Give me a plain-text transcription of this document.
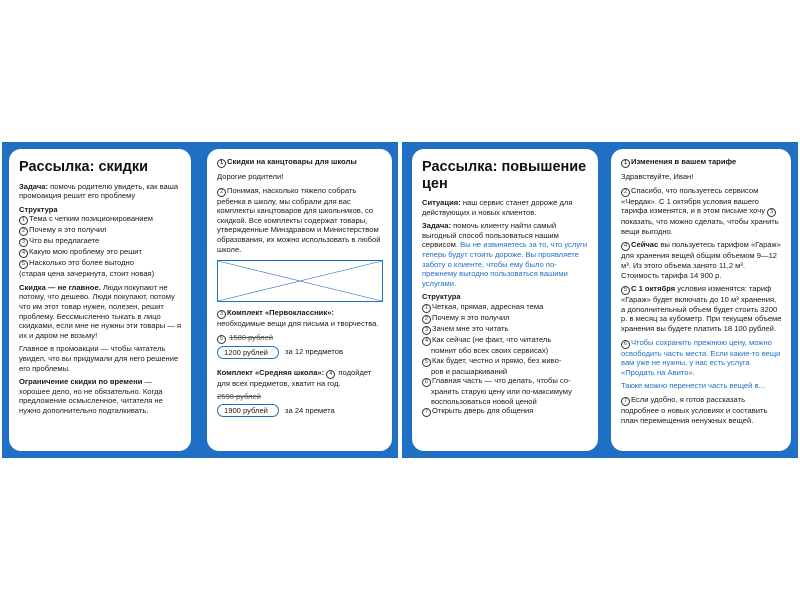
Рассылка: скидки

Задача: помочь родителю увидеть, как ваша промоакция решит его проблему

Структура
1 Тема с четким позиционированием
2 Почему я это получил
3 Что вы предлагаете
4 Какую мою проблему это решит
5 Насколько это более выгодно

(старая цена зачеркнута, стоит новая)

Скидка — не главное. Люди покупают не потому, что дешево. Люди покупают, потому что им этот товар нужен, полезен, решит проблему. Бессмысленно тыкать в лицо скидками, если мне не нужны эти товары — я их и даром не возьму!

Главное в промоакции — чтобы читатель увидел, что вы придумали для него решение его проблемы.

Ограничение скидки по времени — хорошее дело, но не обязательно. Когда предложение осмысленное, читателя не нужно дополнительно подталкивать.

1 Скидки на канцтовары для школы

Дорогие родители!

2 Понимая, насколько тяжело собрать ребенка в школу, мы собрали для вас комплекты канцтоваров для школьников, со скидкой. Все комплекты содержат товары, утвержденные Минздравом и Министерством образования, их можно использовать в любой школе.

3 Комплект «Первоклассник»: необходимые вещи для письма и творчества.

5 1580 рублей
1200 рублей	за 12 предметов

Комплект «Средняя школа»: 4 подойдет для всех предметов, хватит на год.

2590 рублей
1900 рублей	за 24 премета
Рассылка: повышение цен

Ситуация: наш сервис станет дороже для действующих и новых клиентов.

Задача: помочь клиенту найти самый выгодный способ пользоваться нашим сервисом. Вы не извиняетесь за то, что услуги теперь будут стоить дороже. Вы проявляете заботу о клиенте, чтобы ему было по-прежнему выгодно пользоваться вашими услугами.

Структура
1 Четкая, прямая, адресная тема
2 Почему я это получил
3 Зачем мне это читать
4 Как сейчас (не факт, что читатель
помнит обо всех своих сервисах)
5 Как будет, честно и прямо, без живо-
ров и расшаркиваний
6 Главная часть — что делать, чтобы со-
хранить старую цену или по-максимуму воспользоваться новой ценой
7 Открыть дверь для общения

1 Изменения в вашем тарифе

Здравствуйте, Иван!

2 Спасибо, что пользуетесь сервисом «Чердак». С 1 октября условия вашего тарифа изменятся, и в этом письме хочу 3показать, что можно сделать, чтобы хранить вещи выгодно.

4 Сейчас вы пользуетесь тарифом «Гараж» для хранения вещей общим объемом 9—12 м³. Из этого объема занято 11,2 м³. Стоимость тарифа 14 900 р.

5 С 1 октября условия изменятся: тариф «Гараж» будет включать до 10 м³ хранения, а дополнительный объем будет стоить 3200 р. в месяц за кубометр. При текущем объеме хранения вы будете платить 18 100 рублей.

6 Чтобы сохранить прежнюю цену, можно освободить часть места. Если какие-то вещи вам уже не нужны, у нас есть услуга «Продать на Авито».

Также можно перенести часть вещей в...

7 Если удобно, я готов рассказать подробнее о новых условиях и составить план перемещения ненужных вещей.
